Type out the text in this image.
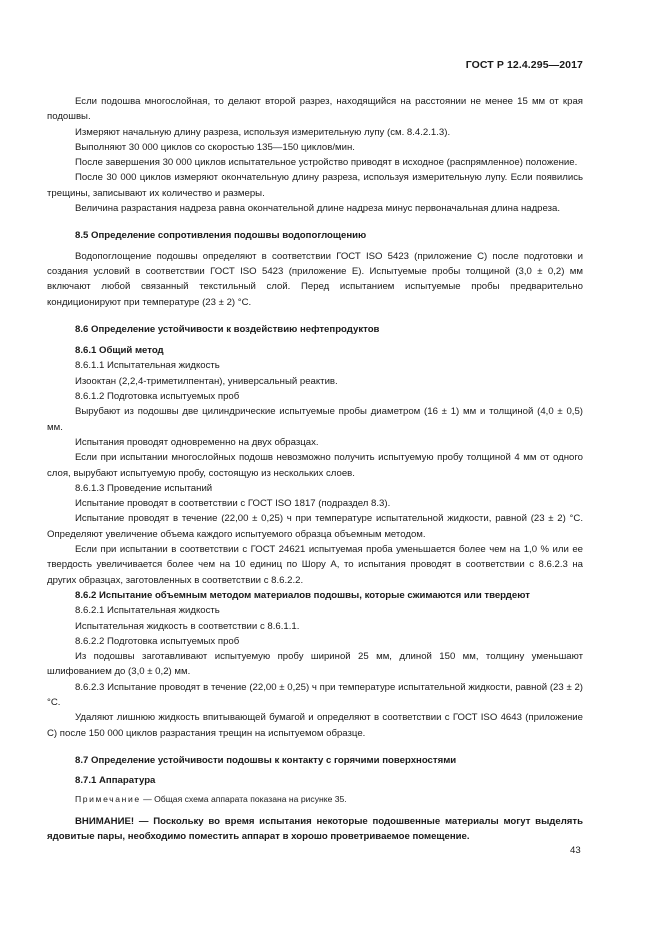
ГОСТ Р 12.4.295—2017

Если подошва многослойная, то делают второй разрез, находящийся на расстоянии не менее 15 мм от края подошвы.

Измеряют начальную длину разреза, используя измерительную лупу (см. 8.4.2.1.3).

Выполняют 30 000 циклов со скоростью 135—150 циклов/мин.

После завершения 30 000 циклов испытательное устройство приводят в исходное (распрямленное) положение.

После 30 000 циклов измеряют окончательную длину разреза, используя измерительную лупу. Если появились трещины, записывают их количество и размеры.

Величина разрастания надреза равна окончательной длине надреза минус первоначальная длина надреза.

8.5 Определение сопротивления подошвы водопоглощению

Водопоглощение подошвы определяют в соответствии ГОСТ ISO 5423 (приложение С) после подготовки и создания условий в соответствии ГОСТ ISO 5423 (приложение Е). Испытуемые пробы толщиной (3,0 ± 0,2) мм включают любой связанный текстильный слой. Перед испытанием испытуемые пробы предварительно кондиционируют при температуре (23 ± 2) °С.

8.6 Определение устойчивости к воздействию нефтепродуктов

8.6.1 Общий метод

8.6.1.1 Испытательная жидкость

Изооктан (2,2,4-триметилпентан), универсальный реактив.

8.6.1.2 Подготовка испытуемых проб

Вырубают из подошвы две цилиндрические испытуемые пробы диаметром (16 ± 1) мм и толщиной (4,0 ± 0,5) мм.

Испытания проводят одновременно на двух образцах.

Если при испытании многослойных подошв невозможно получить испытуемую пробу толщиной 4 мм от одного слоя, вырубают испытуемую пробу, состоящую из нескольких слоев.

8.6.1.3 Проведение испытаний

Испытание проводят в соответствии с ГОСТ ISO 1817 (подраздел 8.3).

Испытание проводят в течение (22,00 ± 0,25) ч при температуре испытательной жидкости, равной (23 ± 2) °С. Определяют увеличение объема каждого испытуемого образца объемным методом.

Если при испытании в соответствии с ГОСТ 24621 испытуемая проба уменьшается более чем на 1,0 % или ее твердость увеличивается более чем на 10 единиц по Шору А, то испытания проводят в соответствии с 8.6.2.3 на других образцах, заготовленных в соответствии с 8.6.2.2.

8.6.2 Испытание объемным методом материалов подошвы, которые сжимаются или твердеют

8.6.2.1 Испытательная жидкость

Испытательная жидкость в соответствии с 8.6.1.1.

8.6.2.2 Подготовка испытуемых проб

Из подошвы заготавливают испытуемую пробу шириной 25 мм, длиной 150 мм, толщину уменьшают шлифованием до (3,0 ± 0,2) мм.

8.6.2.3 Испытание проводят в течение (22,00 ± 0,25) ч при температуре испытательной жидкости, равной (23 ± 2) °С.

Удаляют лишнюю жидкость впитывающей бумагой и определяют в соответствии с ГОСТ ISO 4643 (приложение С) после 150 000 циклов разрастания трещин на испытуемом образце.

8.7 Определение устойчивости подошвы к контакту с горячими поверхностями

8.7.1 Аппаратура

Примечание — Общая схема аппарата показана на рисунке 35.

ВНИМАНИЕ! — Поскольку во время испытания некоторые подошвенные материалы могут выделять ядовитые пары, необходимо поместить аппарат в хорошо проветриваемое помещение.

43
